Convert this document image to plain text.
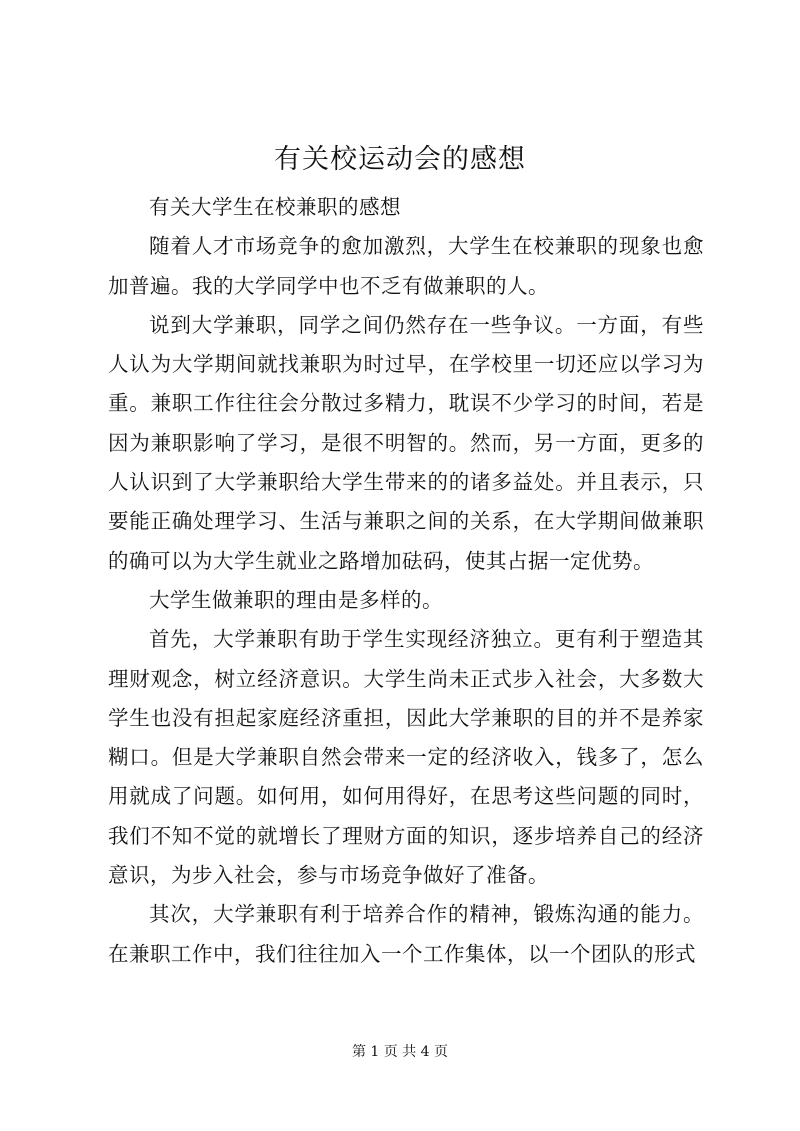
有关校运动会的感想

有关大学生在校兼职的感想

随着人才市场竞争的愈加激烈，大学生在校兼职的现象也愈加普遍。我的大学同学中也不乏有做兼职的人。

说到大学兼职，同学之间仍然存在一些争议。一方面，有些人认为大学期间就找兼职为时过早，在学校里一切还应以学习为重。兼职工作往往会分散过多精力，耽误不少学习的时间，若是因为兼职影响了学习，是很不明智的。然而，另一方面，更多的人认识到了大学兼职给大学生带来的的诸多益处。并且表示，只要能正确处理学习、生活与兼职之间的关系，在大学期间做兼职的确可以为大学生就业之路增加砝码，使其占据一定优势。

大学生做兼职的理由是多样的。

首先，大学兼职有助于学生实现经济独立。更有利于塑造其理财观念，树立经济意识。大学生尚未正式步入社会，大多数大学生也没有担起家庭经济重担，因此大学兼职的目的并不是养家糊口。但是大学兼职自然会带来一定的经济收入，钱多了，怎么用就成了问题。如何用，如何用得好，在思考这些问题的同时，我们不知不觉的就增长了理财方面的知识，逐步培养自己的经济意识，为步入社会，参与市场竞争做好了准备。

其次，大学兼职有利于培养合作的精神，锻炼沟通的能力。在兼职工作中，我们往往加入一个工作集体，以一个团队的形式

第 1 页 共 4 页
